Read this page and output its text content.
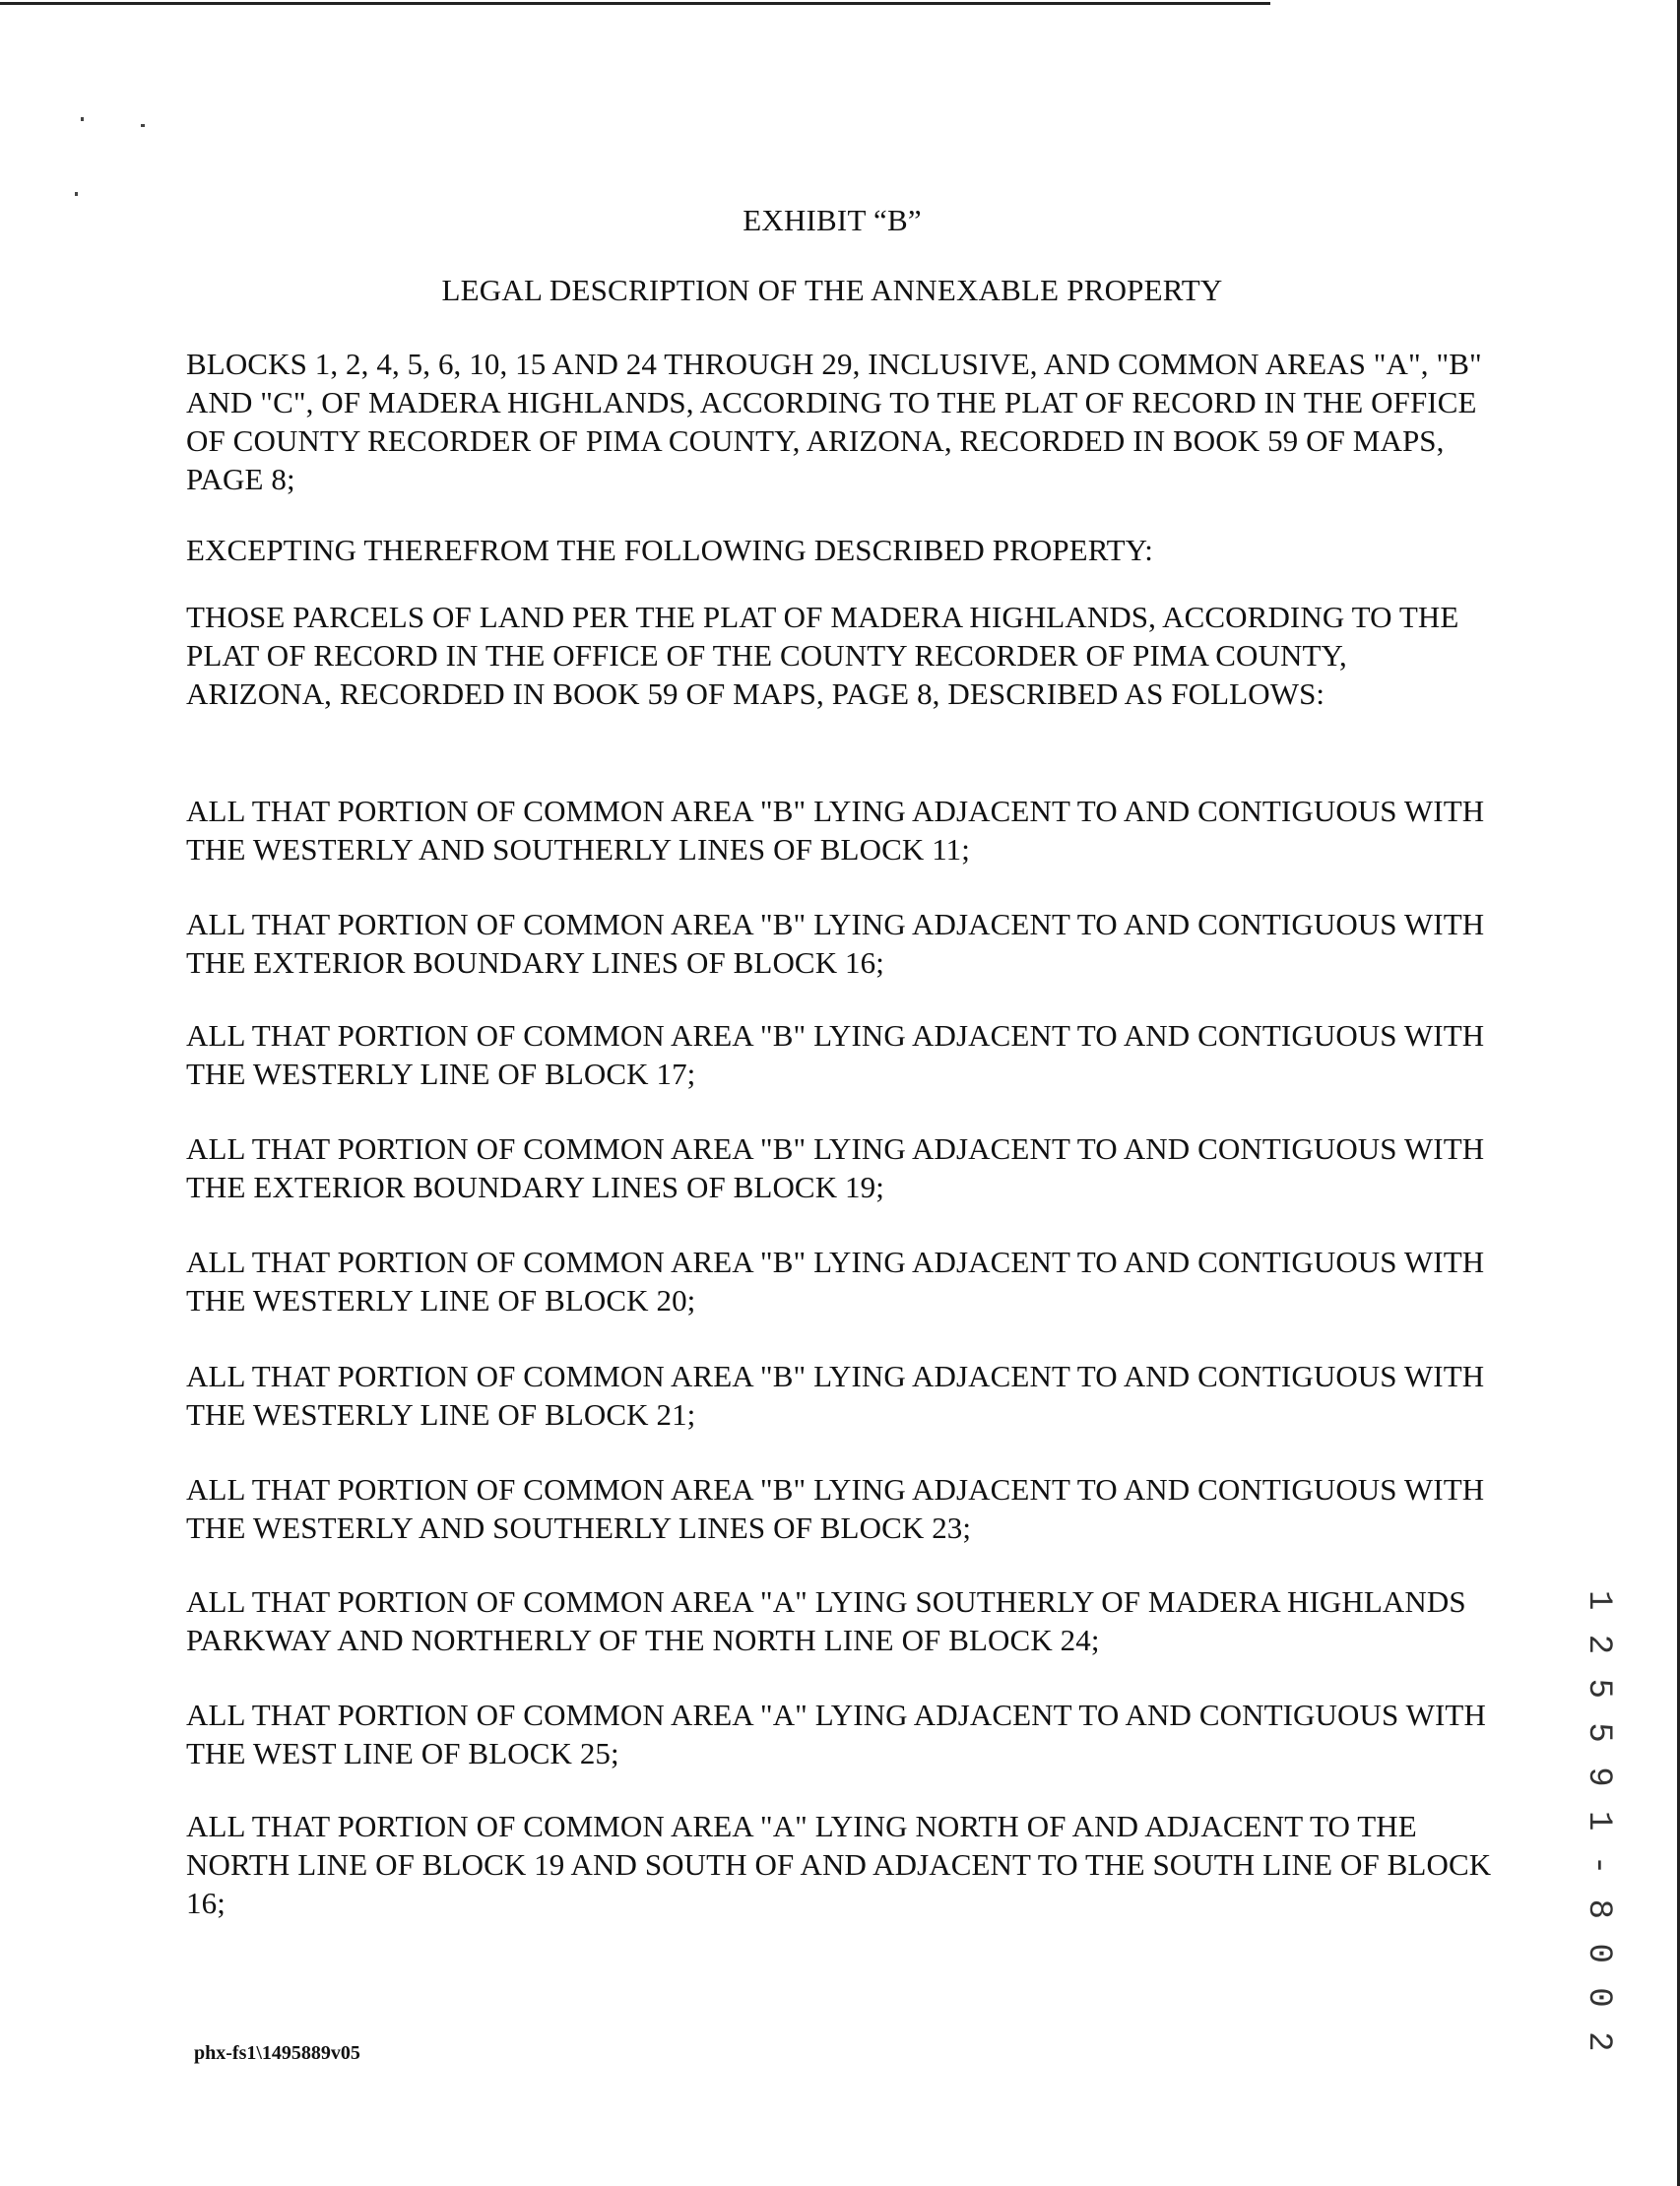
EXHIBIT “B”
LEGAL DESCRIPTION OF THE ANNEXABLE PROPERTY

BLOCKS 1, 2, 4, 5, 6, 10, 15 AND 24 THROUGH 29, INCLUSIVE, AND COMMON AREAS "A", "B" AND "C", OF MADERA HIGHLANDS, ACCORDING TO THE PLAT OF RECORD IN THE OFFICE OF COUNTY RECORDER OF PIMA COUNTY, ARIZONA, RECORDED IN BOOK 59 OF MAPS, PAGE 8;

EXCEPTING THEREFROM THE FOLLOWING DESCRIBED PROPERTY:

THOSE PARCELS OF LAND PER THE PLAT OF MADERA HIGHLANDS, ACCORDING TO THE PLAT OF RECORD IN THE OFFICE OF THE COUNTY RECORDER OF PIMA COUNTY, ARIZONA, RECORDED IN BOOK 59 OF MAPS, PAGE 8, DESCRIBED AS FOLLOWS:

ALL THAT PORTION OF COMMON AREA "B" LYING ADJACENT TO AND CONTIGUOUS WITH THE WESTERLY AND SOUTHERLY LINES OF BLOCK 11;

ALL THAT PORTION OF COMMON AREA "B" LYING ADJACENT TO AND CONTIGUOUS WITH THE EXTERIOR BOUNDARY LINES OF BLOCK 16;

ALL THAT PORTION OF COMMON AREA "B" LYING ADJACENT TO AND CONTIGUOUS WITH THE WESTERLY LINE OF BLOCK 17;

ALL THAT PORTION OF COMMON AREA "B" LYING ADJACENT TO AND CONTIGUOUS WITH THE EXTERIOR BOUNDARY LINES OF BLOCK 19;

ALL THAT PORTION OF COMMON AREA "B" LYING ADJACENT TO AND CONTIGUOUS WITH THE WESTERLY LINE OF BLOCK 20;

ALL THAT PORTION OF COMMON AREA "B" LYING ADJACENT TO AND CONTIGUOUS WITH THE WESTERLY LINE OF BLOCK 21;

ALL THAT PORTION OF COMMON AREA "B" LYING ADJACENT TO AND CONTIGUOUS WITH THE WESTERLY AND SOUTHERLY LINES OF BLOCK 23;

ALL THAT PORTION OF COMMON AREA "A" LYING SOUTHERLY OF MADERA HIGHLANDS PARKWAY AND NORTHERLY OF THE NORTH LINE OF BLOCK 24;

ALL THAT PORTION OF COMMON AREA "A" LYING ADJACENT TO AND CONTIGUOUS WITH THE WEST LINE OF BLOCK 25;

ALL THAT PORTION OF COMMON AREA "A" LYING NORTH OF AND ADJACENT TO THE NORTH LINE OF BLOCK 19 AND SOUTH OF AND ADJACENT TO THE SOUTH LINE OF BLOCK 16;	1 2 5 5 9 1 - 8 0 0 2
phx-fs1\1495889v05
